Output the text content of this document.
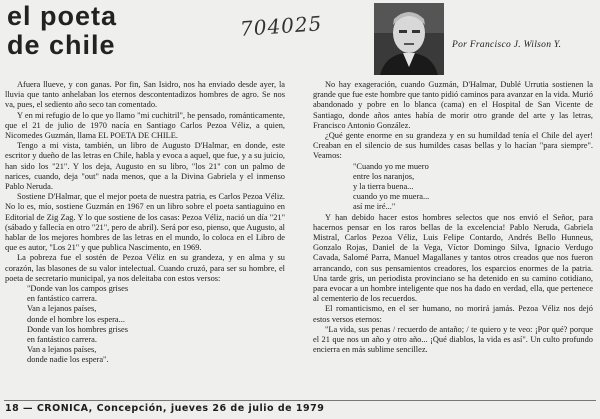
el poeta
de chile
704025
Por Francisco J. Wilson Y.

Afuera llueve, y con ganas. Por fin, San Isidro, nos ha enviado desde ayer, la lluvia que tanto anhelaban los eternos descontentadizos hombres de agro. Se nos va, pues, el sediento año seco tan comentado.

Y en mi refugio de lo que yo llamo "mi cuchitril", he pensado, románticamente, que el 21 de julio de 1970 nacía en Santiago Carlos Pezoa Véliz, a quien, Nicomedes Guzmán, llama EL POETA DE CHILE.

Tengo a mi vista, también, un libro de Augusto D'Halmar, en donde, este escritor y dueño de las letras en Chile, habla y evoca a aquel, que fue, y a su juicio, han sido los "21". Y los deja, Augusto en su libro, "los 21" con un palmo de narices, cuando, deja "out" nada menos, que a la Divina Gabriela y el inmenso Pablo Neruda.

Sostiene D'Halmar, que el mejor poeta de nuestra patria, es Carlos Pezoa Véliz. No lo es, mío, sostiene Guzmán en 1967 en un libro sobre el poeta santiaguino en Editorial de Zig Zag. Y lo que sostiene de los casas: Pezoa Véliz, nació un día "21" (sábado y fallecía en otro "21", pero de abril). Será por eso, pienso, que Augusto, al hablar de los mejores hombres de las letras en el mundo, lo coloca en el Libro de que es autor, "Los 21" y que publica Nascimento, en 1969.

La pobreza fue el sostén de Pezoa Véliz en su grandeza, y en alma y su corazón, las blasones de su valor intelectual. Cuando cruzó, para ser su hombre, el poeta de secretario municipal, ya nos deleitaba con estos versos:

"Donde van los campos grises
en fantástico carrera.
Van a lejanos países,
donde el hombre los espera...
Donde van los hombres grises
en fantástico carrera.
Van a lejanos países,
donde nadie los espera".

No hay exageración, cuando Guzmán, D'Halmar, Dublé Urrutia sostienen la grande que fue este hombre que tanto pidió caminos para avanzar en la vida. Murió abandonado y pobre en lo blanca (cama) en el Hospital de San Vicente de Santiago, donde años antes había de morir otro grande del arte y las letras, Francisco Antonio González.

¿Qué gente enorme en su grandeza y en su humildad tenía el Chile del ayer! Creaban en el silencio de sus humildes casas bellas y lo hacían "para siempre". Veamos:

"Cuando yo me muero
entre los naranjos,
y la tierra buena...
cuando yo me muera...
así me iré..."

Y han debido hacer estos hombres selectos que nos envió el Señor, para hacernos pensar en los raros bellas de la excelencia! Pablo Neruda, Gabriela Mistral, Carlos Pezoa Véliz, Luis Felipe Contardo, Andrés Bello Hunneus, Gonzalo Rojas, Daniel de la Vega, Víctor Domingo Silva, Ignacio Verdugo Cavada, Salomé Parra, Manuel Magallanes y tantos otros creados que nos fueron arrancando, con sus pensamientos creadores, los esparcios enormes de la patria. Una tarde gris, un periodista provinciano se ha detenido en su camino cotidiano, para evocar a un hombre inteligente que nos ha dado en verdad, ella, que pertenece al cementerio de los recuerdos.

El romanticismo, en el ser humano, no morirá jamás. Pezoa Véliz nos dejó estos versos eternos:

"La vida, sus penas / recuerdo de antaño; / te quiero y te veo: ¡Por qué? porque el 21 que nos un año y otro año... ¡Qué diablos, la vida es así". Un culto profundo encierra en más sublime sencillez.

18 — CRONICA, Concepción, jueves 26 de julio de 1979
